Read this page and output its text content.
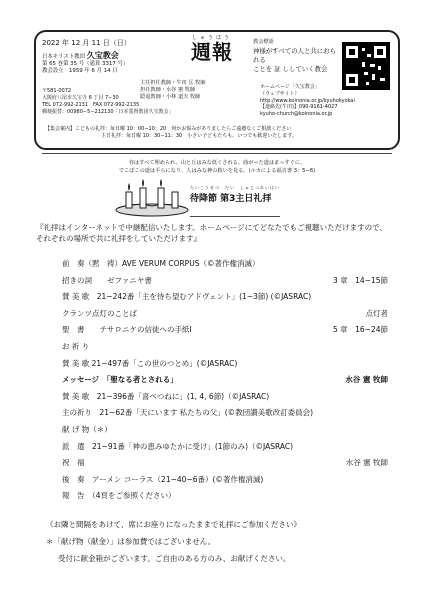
2022 年 12 月 11 日（日）
日本キリスト教団 久宝教会
第 65 巻第 35 号（通算 3317 号）
教会設立　1959 年 6 月 14 日
〒581-0072
大阪府八尾市久宝寺 6 丁目 7−30
TEL 072-992-2131　FAX 072-992-2135
郵便振替：00980−5−212130「日本基督教団久宝教会」
しゅうほう
週報
主任担任教師・牛田 匡 牧師
担任教師・水谷 憲 牧師
隠退教師・小林 道夫 牧師
教会標語
神様がすべての人と共におられる
ことを 証 ししていく教会
ホームページ「久宝教会」
（ウェブサイト）
http://www.koinonia.or.jp/kyuhokyokai
【連絡先(牛田)】090-9161-4027
kyuho-church@koinonia.or.jp
【集会案内】こどもの礼拝：毎日曜 10：00−10：20　何かお悩みがありましたらご遠慮なくご相談ください
主日礼拝：毎日曜 10：30−11：30　小さい子どもたちも、いつでも歓迎いたします。
谷はすべて埋められ、山と丘はみな低くされる。曲がった道はまっすぐに、
でこぼこの道は平らになり、人はみな神の救いを見る。(ルカによる福音書 3：5−6)
たいこうせつ　だい　しゅじつれいはい
待降節 第3主日礼拝
『礼拝はインターネットで中継配信いたします。ホームページにてどなたでもご視聴いただけますので、それぞれの場所で共に礼拝をしていただけます』
前　奏（黙　祷）AVE VERUM CORPUS（©著作権消滅）
招きの詞　　ゼファニヤ書	3 章　14−15節
賛 美 歌　21−242番「主を待ち望むアドヴェント」(1−3節) (©JASRAC)
クランツ点灯のことば	点灯者
聖　書　　テサロニケの信徒への手紙Ⅰ	5 章　16−24節
お 祈 り
賛 美 歌 21−497番「この世のつとめ」(©JASRAC)
メッセージ　「聖なる者とされる」	水谷 憲 牧師
賛 美 歌　21−396番「喜べつねに」(1, 4, 6節)（©JASRAC)
主の祈り　21−62番「天にいます 私たちの父」(©教団讃美歌改訂委員会)
献 げ 物（＊）
派　遣　21−91番「神の恵みゆたかに受け」(1節のみ)（©JASRAC)
祝　福	水谷 憲 牧師
後　奏　アーメン コーラス（21−40−6番）(©著作権消滅)
報　告　（4頁をご参照ください）
《お隣と間隔をあけて、席にお座りになったままで礼拝にご参加ください》
＊「献げ物（献金）」は参加費ではございません。
受付に献金箱がございます。ご自由のある方のみ、お献げください。
